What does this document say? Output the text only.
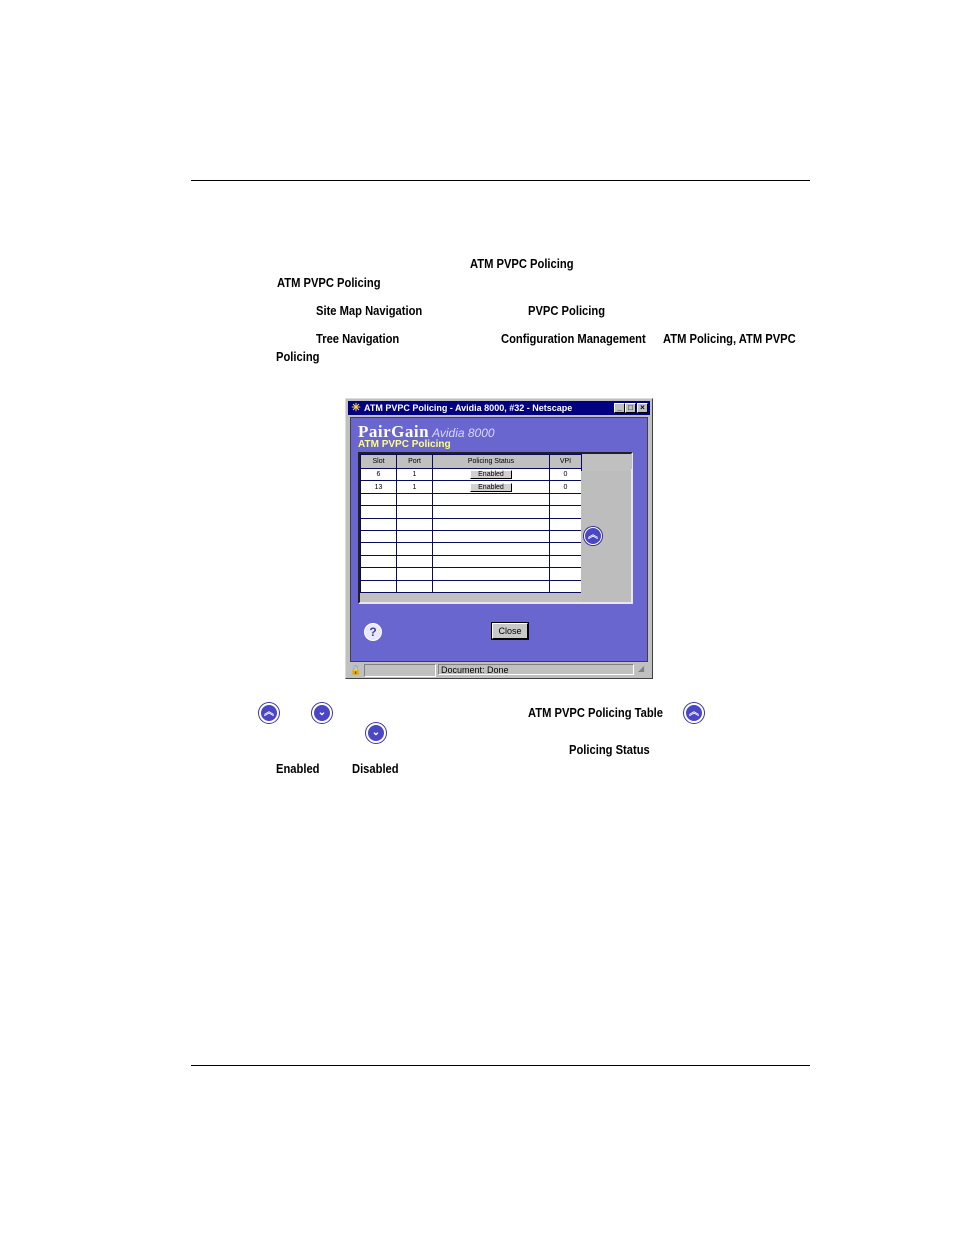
ATM PVPC Policing
ATM PVPC Policing
Site Map Navigation	PVPC Policing
Tree Navigation	Configuration Management ATM Policing, ATM PVPC
Policing
✳ ATM PVPC Policing - Avidia 8000, #32 - Netscape	_ □ ×
PairGain Avidia 8000
ATM PVPC Policing
Slot	Port	Policing Status	VPI
6	1	Enabled	0
13	1	Enabled	0

︽
?	Close
🔓	Document: Done	◢
︽	⌄	ATM PVPC Policing Table	︽
⌄
Policing Status
Enabled	Disabled
